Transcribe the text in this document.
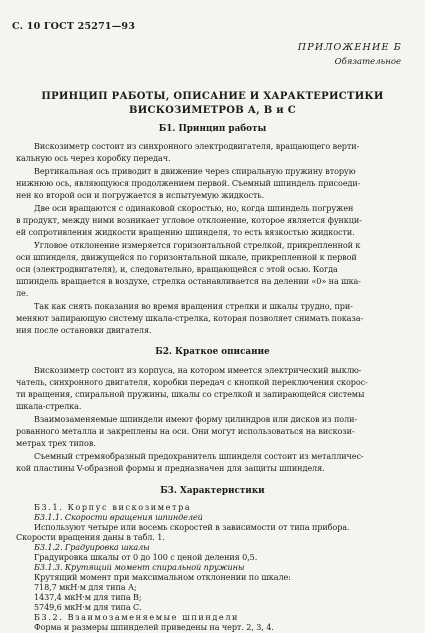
С. 10 ГОСТ 25271—93
ПРИЛОЖЕНИЕ Б
Обязательное
ПРИНЦИП РАБОТЫ, ОПИСАНИЕ И ХАРАКТЕРИСТИКИ
ВИСКОЗИМЕТРОВ А, В и С
Б1. Принцип работы
Вискозиметр состоит из синхронного электродвигателя, вращающего верти-
кальную ось через коробку передач.
Вертикальная ось приводит в движение через спиральную пружину вторую
нижнюю ось, являющуюся продолжением первой. Съемный шпиндель присоеди-
нен ко второй оси и погружается в испытуемую жидкость.
Две оси вращаются с одинаковой скоростью, но, когда шпиндель погружен
в продукт, между ними возникает угловое отклонение, которое является функци-
ей сопротивления жидкости вращению шпинделя, то есть вязкостью жидкости.
Угловое отклонение измеряется горизонтальной стрелкой, прикрепленной к
оси шпинделя, движущейся по горизонтальной шкале, прикрепленной к первой
оси (электродвигателя), и, следовательно, вращающейся с этой осью. Когда
шпиндель вращается в воздухе, стрелка останавливается на делении «0» на шка-
ле.
Так как снять показания во время вращения стрелки и шкалы трудно, при-
меняют запирающую систему шкала-стрелка, которая позволяет снимать показа-
ния после остановки двигателя.
Б2. Краткое описание
Вискозиметр состоит из корпуса, на котором имеется электрический выклю-
чатель, синхронного двигателя, коробки передач с кнопкой переключения скорос-
ти вращения, спиральной пружины, шкалы со стрелкой и запирающейся системы
шкала-стрелка.
Взаимозаменяемые шпиндели имеют форму цилиндров или дисков из поли-
рованного металла и закреплены на оси. Они могут использоваться на вискози-
метрах трех типов.
Съемный стремяобразный предохранитель шпинделя состоит из металличес-
кой пластины V-образной формы и предназначен для защиты шпинделя.
Б3. Характеристики
Б3.1. Корпус вискозиметра
Б3.1.1. Скорости вращения шпинделей
Используют четыре или восемь скоростей в зависимости от типа прибора.
Скорости вращения даны в табл. 1.
Б3.1.2. Градуировка шкалы
Градуировка шкалы от 0 до 100 с ценой деления 0,5.
Б3.1.3. Крутящий момент спиральной пружины
Крутящий момент при максимальном отклонении по шкале:
718,7 мкН·м для типа А;
1437,4 мкН·м для типа В;
5749,6 мкН·м для типа С.
Б3.2. Взаимозаменяемые шпиндели
Форма и размеры шпинделей приведены на черт. 2, 3, 4.
